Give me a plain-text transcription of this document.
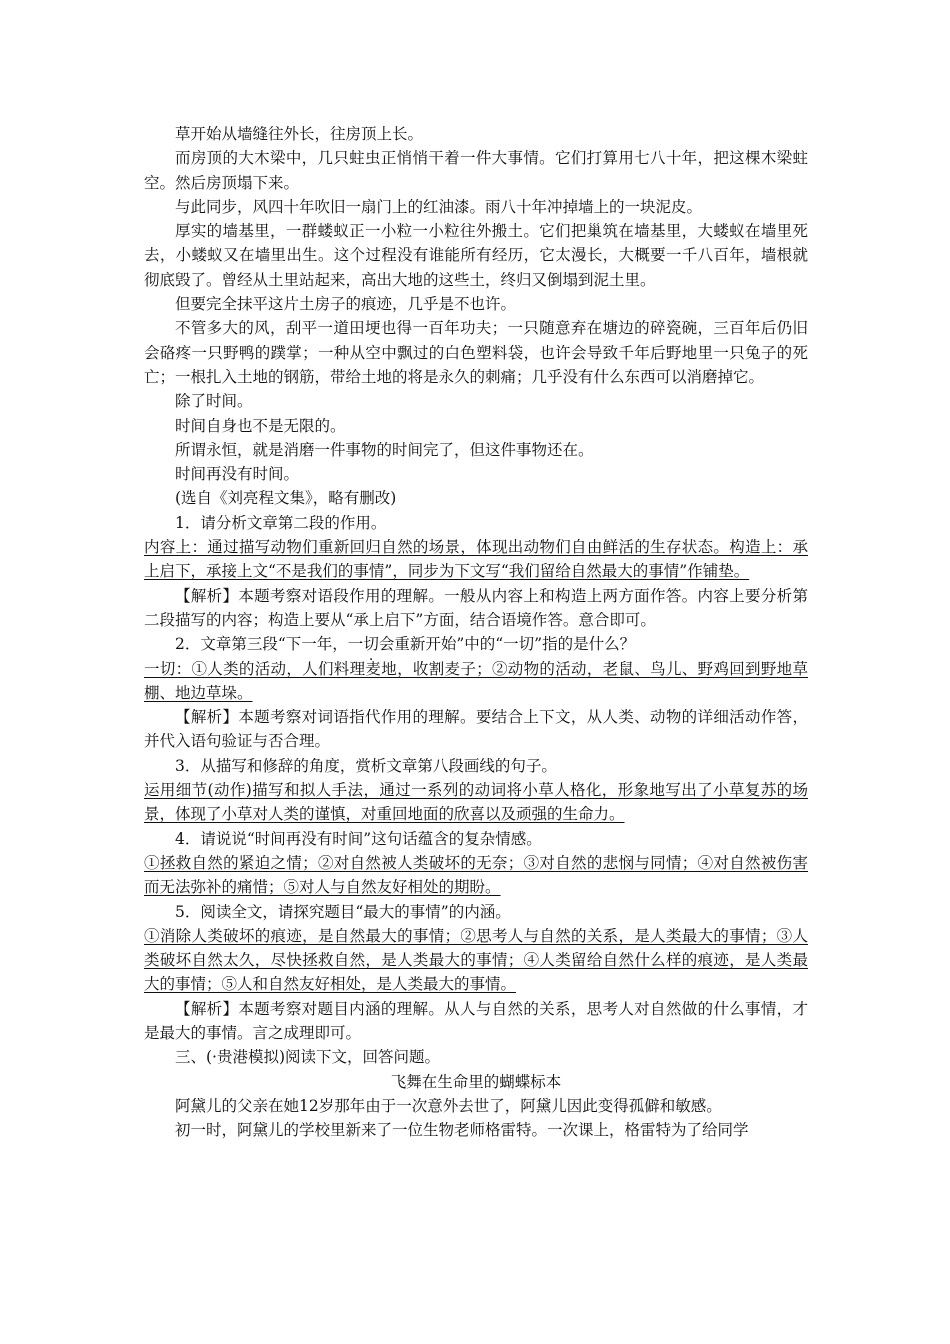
草开始从墙缝往外长，往房顶上长。

而房顶的大木梁中，几只蛀虫正悄悄干着一件大事情。它们打算用七八十年，把这棵木梁蛀空。然后房顶塌下来。

与此同步，风四十年吹旧一扇门上的红油漆。雨八十年冲掉墙上的一块泥皮。

厚实的墙基里，一群蝼蚁正一小粒一小粒往外搬土。它们把巢筑在墙基里，大蝼蚁在墙里死去，小蝼蚁又在墙里出生。这个过程没有谁能所有经历，它太漫长，大概要一千八百年，墙根就彻底毁了。曾经从土里站起来，高出大地的这些土，终归又倒塌到泥土里。

但要完全抹平这片土房子的痕迹，几乎是不也许。

不管多大的风，刮平一道田埂也得一百年功夫；一只随意弃在塘边的碎瓷碗，三百年后仍旧会硌疼一只野鸭的蹼掌；一种从空中飘过的白色塑料袋，也许会导致千年后野地里一只兔子的死亡；一根扎入土地的钢筋，带给土地的将是永久的刺痛；几乎没有什么东西可以消磨掉它。

除了时间。

时间自身也不是无限的。

所谓永恒，就是消磨一件事物的时间完了，但这件事物还在。

时间再没有时间。

(选自《刘亮程文集》，略有删改)

1．请分析文章第二段的作用。

内容上：通过描写动物们重新回归自然的场景，体现出动物们自由鲜活的生存状态。构造上：承上启下，承接上文“不是我们的事情”，同步为下文写“我们留给自然最大的事情”作铺垫。

【解析】本题考察对语段作用的理解。一般从内容上和构造上两方面作答。内容上要分析第二段描写的内容；构造上要从“承上启下”方面，结合语境作答。意合即可。

2．文章第三段“下一年，一切会重新开始”中的“一切”指的是什么？

一切：①人类的活动，人们料理麦地，收割麦子；②动物的活动，老鼠、鸟儿、野鸡回到野地草棚、地边草垛。

【解析】本题考察对词语指代作用的理解。要结合上下文，从人类、动物的详细活动作答，并代入语句验证与否合理。

3．从描写和修辞的角度，赏析文章第八段画线的句子。

运用细节(动作)描写和拟人手法，通过一系列的动词将小草人格化，形象地写出了小草复苏的场景，体现了小草对人类的谨慎，对重回地面的欣喜以及顽强的生命力。

4．请说说“时间再没有时间”这句话蕴含的复杂情感。

①拯救自然的紧迫之情；②对自然被人类破坏的无奈；③对自然的悲悯与同情；④对自然被伤害而无法弥补的痛惜；⑤对人与自然友好相处的期盼。

5．阅读全文，请探究题目“最大的事情”的内涵。

①消除人类破坏的痕迹，是自然最大的事情；②思考人与自然的关系，是人类最大的事情；③人类破坏自然太久，尽快拯救自然，是人类最大的事情；④人类留给自然什么样的痕迹，是人类最大的事情；⑤人和自然友好相处，是人类最大的事情。

【解析】本题考察对题目内涵的理解。从人与自然的关系，思考人对自然做的什么事情，才是最大的事情。言之成理即可。

三、(·贵港模拟)阅读下文，回答问题。

飞舞在生命里的蝴蝶标本

阿黛儿的父亲在她12岁那年由于一次意外去世了，阿黛儿因此变得孤僻和敏感。

初一时，阿黛儿的学校里新来了一位生物老师格雷特。一次课上，格雷特为了给同学
